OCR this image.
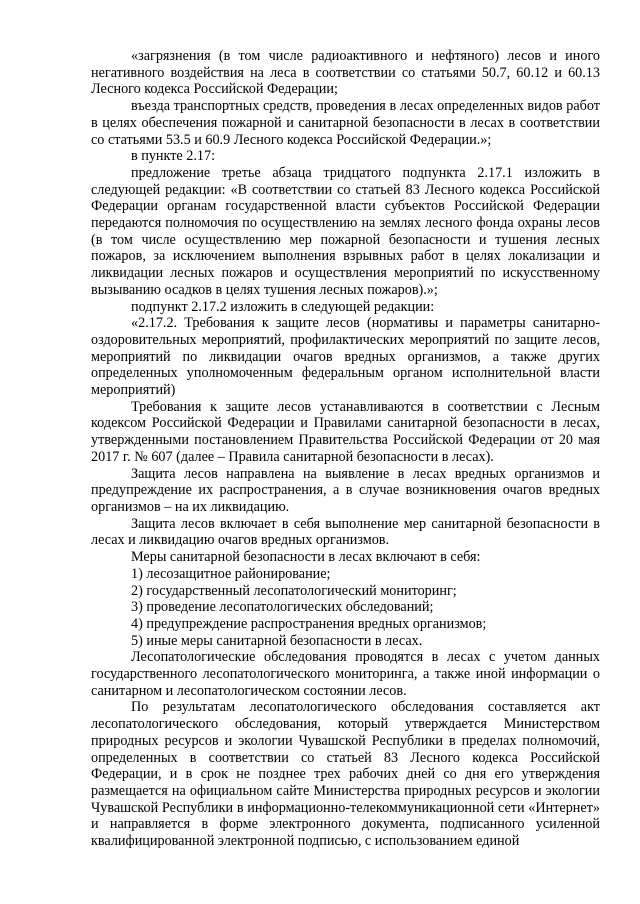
«загрязнения (в том числе радиоактивного и нефтяного) лесов и иного негативного воздействия на леса в соответствии со статьями 50.7, 60.12 и 60.13 Лесного кодекса Российской Федерации;

въезда транспортных средств, проведения в лесах определенных видов работ в целях обеспечения пожарной и санитарной безопасности в лесах в соответствии со статьями 53.5 и 60.9 Лесного кодекса Российской Федерации.»;

в пункте 2.17:

предложение третье абзаца тридцатого подпункта 2.17.1 изложить в следующей редакции: «В соответствии со статьей 83 Лесного кодекса Российской Федерации органам государственной власти субъектов Российской Федерации передаются полномочия по осуществлению на землях лесного фонда охраны лесов (в том числе осуществлению мер пожарной безопасности и тушения лесных пожаров, за исключением выполнения взрывных работ в целях локализации и ликвидации лесных пожаров и осуществления мероприятий по искусственному вызыванию осадков в целях тушения лесных пожаров).»;

подпункт 2.17.2 изложить в следующей редакции:

«2.17.2. Требования к защите лесов (нормативы и параметры санитарно-оздоровительных мероприятий, профилактических мероприятий по защите лесов, мероприятий по ликвидации очагов вредных организмов, а также других определенных уполномоченным федеральным органом исполнительной власти мероприятий)

Требования к защите лесов устанавливаются в соответствии с Лесным кодексом Российской Федерации и Правилами санитарной безопасности в лесах, утвержденными постановлением Правительства Российской Федерации от 20 мая 2017 г. № 607 (далее – Правила санитарной безопасности в лесах).

Защита лесов направлена на выявление в лесах вредных организмов и предупреждение их распространения, а в случае возникновения очагов вредных организмов – на их ликвидацию.

Защита лесов включает в себя выполнение мер санитарной безопасности в лесах и ликвидацию очагов вредных организмов.

Меры санитарной безопасности в лесах включают в себя:

1) лесозащитное районирование;

2) государственный лесопатологический мониторинг;

3) проведение лесопатологических обследований;

4) предупреждение распространения вредных организмов;

5) иные меры санитарной безопасности в лесах.

Лесопатологические обследования проводятся в лесах с учетом данных государственного лесопатологического мониторинга, а также иной информации о санитарном и лесопатологическом состоянии лесов.

По результатам лесопатологического обследования составляется акт лесопатологического обследования, который утверждается Министерством природных ресурсов и экологии Чувашской Республики в пределах полномочий, определенных в соответствии со статьей 83 Лесного кодекса Российской Федерации, и в срок не позднее трех рабочих дней со дня его утверждения размещается на официальном сайте Министерства природных ресурсов и экологии Чувашской Республики в информационно-телекоммуникационной сети «Интернет» и направляется в форме электронного документа, подписанного усиленной квалифицированной электронной подписью, с использованием единой
